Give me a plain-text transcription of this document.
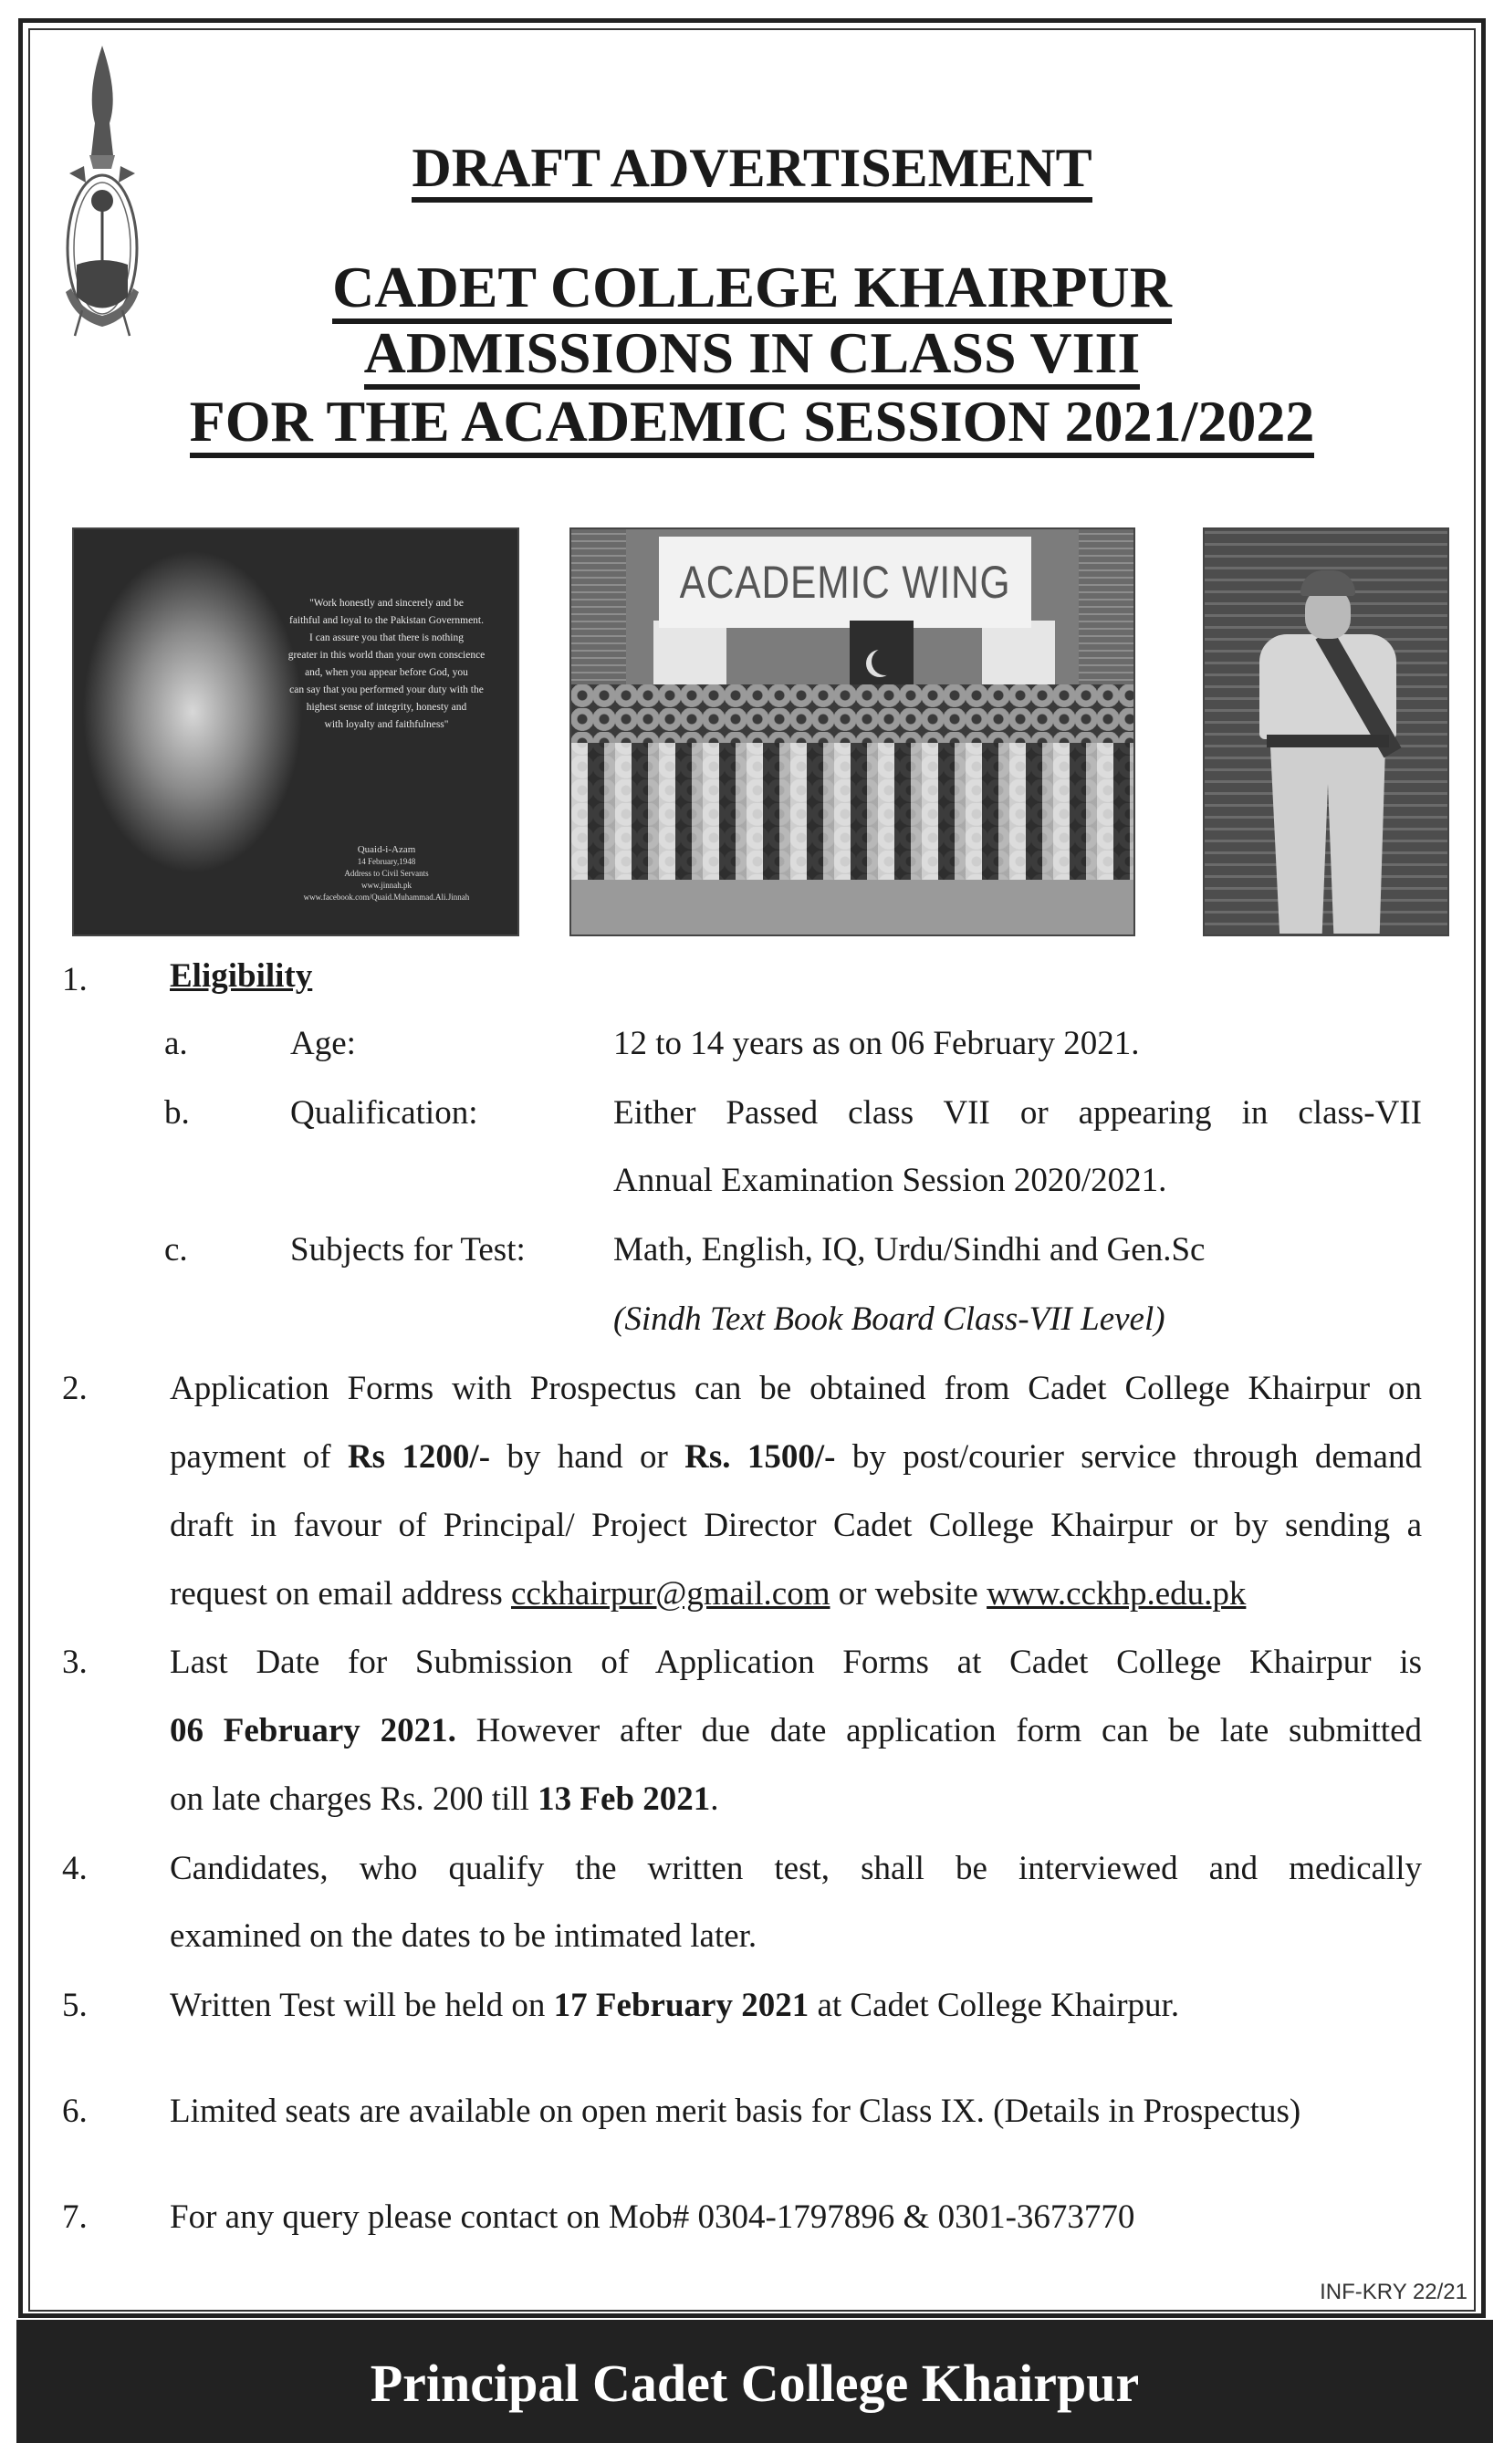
DRAFT ADVERTISEMENT
CADET COLLEGE KHAIRPUR
ADMISSIONS IN CLASS VIII
FOR THE ACADEMIC SESSION 2021/2022
"Work honestly and sincerely and be
faithful and loyal to the Pakistan Government.
I can assure you that there is nothing
greater in this world than your own conscience
and, when you appear before God, you
can say that you performed your duty with the
highest sense of integrity, honesty and
with loyalty and faithfulness"
Quaid-i-Azam
14 February,1948
Address to Civil Servants
www.jinnah.pk
www.facebook.com/Quaid.Muhammad.Ali.Jinnah
ACADEMIC WING
1. Eligibility
a.	Age:	12 to 14 years as on 06 February 2021.
b.	Qualification:	Either Passed class VII or appearing in class-VII
Annual Examination Session 2020/2021.
c.	Subjects for Test:	Math, English, IQ, Urdu/Sindhi and Gen.Sc
(Sindh Text Book Board Class-VII Level)
2. Application Forms with Prospectus can be obtained from Cadet College Khairpur on
payment of Rs 1200/- by hand or Rs. 1500/- by post/courier service through demand
draft in favour of Principal/ Project Director Cadet College Khairpur or by sending a
request on email address cckhairpur@gmail.com or website www.cckhp.edu.pk
3. Last Date for Submission of Application Forms at Cadet College Khairpur is
06 February 2021. However after due date application form can be late submitted
on late charges Rs. 200 till 13 Feb 2021.
4. Candidates, who qualify the written test, shall be interviewed and medically
examined on the dates to be intimated later.
5. Written Test will be held on 17 February 2021 at Cadet College Khairpur.
6. Limited seats are available on open merit basis for Class IX. (Details in Prospectus)
7. For any query please contact on Mob# 0304-1797896 & 0301-3673770
INF-KRY 22/21
Principal Cadet College Khairpur
